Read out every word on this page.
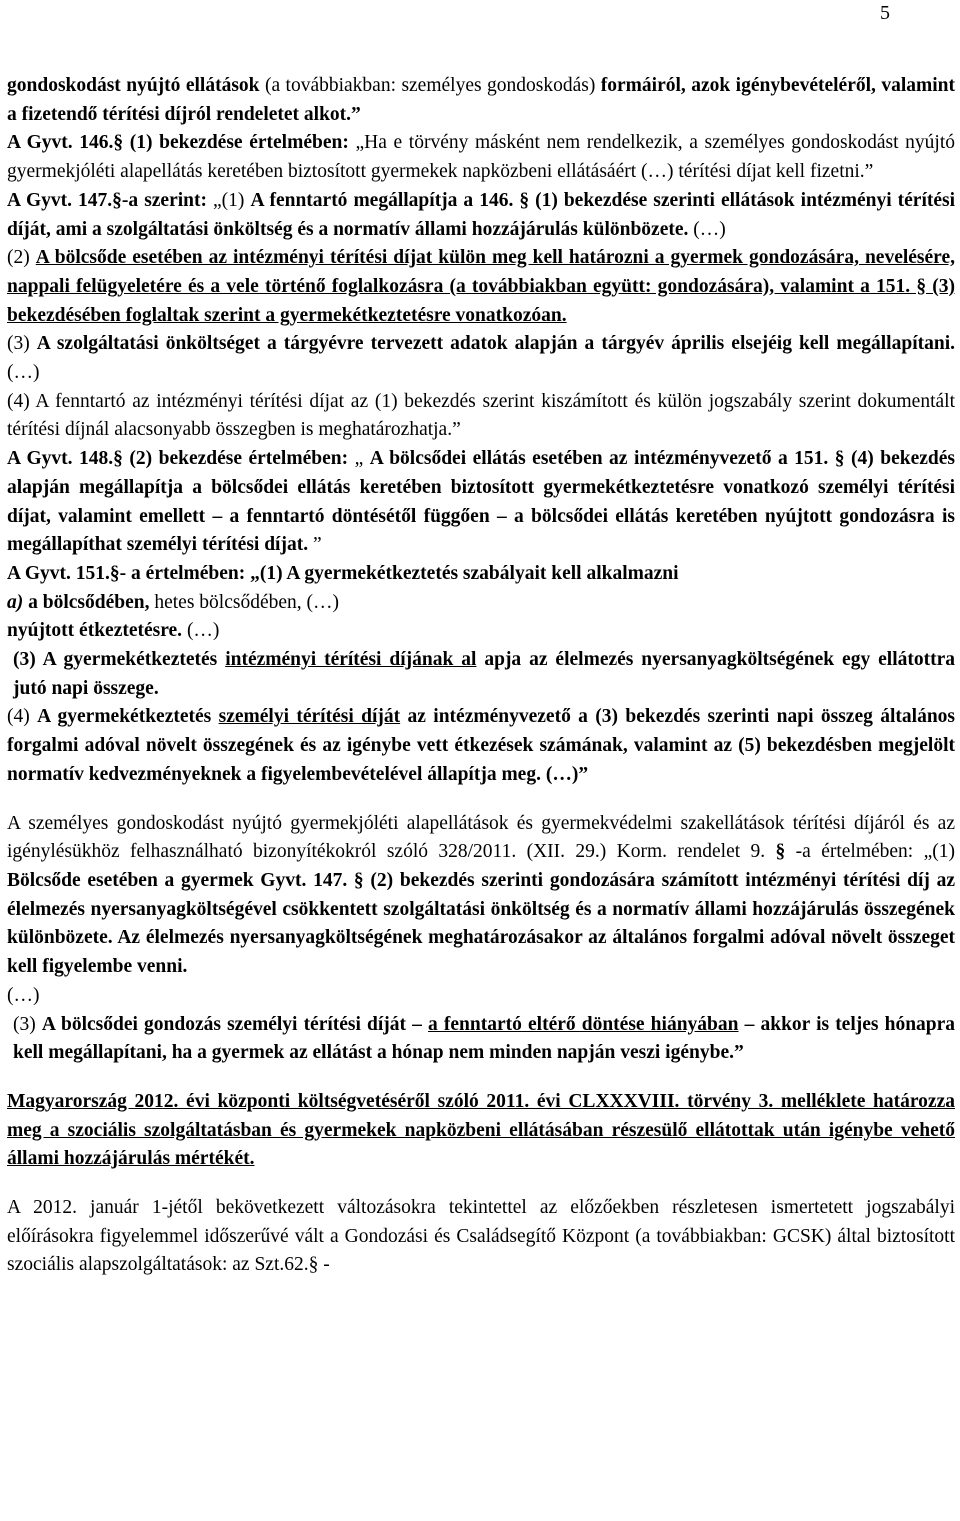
5

gondoskodást nyújtó ellátások (a továbbiakban: személyes gondoskodás) formáiról, azok igénybevételéről, valamint a fizetendő térítési díjról rendeletet alkot.”

A Gyvt. 146.§ (1) bekezdése értelmében: „Ha e törvény másként nem rendelkezik, a személyes gondoskodást nyújtó gyermekjóléti alapellátás keretében biztosított gyermekek napközbeni ellátásáért (…) térítési díjat kell fizetni.”

A Gyvt. 147.§-a szerint: „(1) A fenntartó megállapítja a 146. § (1) bekezdése szerinti ellátások intézményi térítési díját, ami a szolgáltatási önköltség és a normatív állami hozzájárulás különbözete. (…)

(2) A bölcsőde esetében az intézményi térítési díjat külön meg kell határozni a gyermek gondozására, nevelésére, nappali felügyeletére és a vele történő foglalkozásra (a továbbiakban együtt: gondozására), valamint a 151. § (3) bekezdésében foglaltak szerint a gyermekétkeztetésre vonatkozóan.

(3) A szolgáltatási önköltséget a tárgyévre tervezett adatok alapján a tárgyév április elsejéig kell megállapítani. (…)

(4) A fenntartó az intézményi térítési díjat az (1) bekezdés szerint kiszámított és külön jogszabály szerint dokumentált térítési díjnál alacsonyabb összegben is meghatározhatja.”

A Gyvt. 148.§ (2) bekezdése értelmében: „ A bölcsődei ellátás esetében az intézményvezető a 151. § (4) bekezdés alapján megállapítja a bölcsődei ellátás keretében biztosított gyermekétkeztetésre vonatkozó személyi térítési díjat, valamint emellett – a fenntartó döntésétől függően – a bölcsődei ellátás keretében nyújtott gondozásra is megállapíthat személyi térítési díjat. ”

A Gyvt. 151.§- a értelmében: „(1) A gyermekétkeztetés szabályait kell alkalmazni

a) a bölcsődében, hetes bölcsődében, (…)

nyújtott étkeztetésre. (…)

(3) A gyermekétkeztetés intézményi térítési díjának al apja az élelmezés nyersanyagköltségének egy ellátottra jutó napi összege.

(4) A gyermekétkeztetés személyi térítési díját az intézményvezető a (3) bekezdés szerinti napi összeg általános forgalmi adóval növelt összegének és az igénybe vett étkezések számának, valamint az (5) bekezdésben megjelölt normatív kedvezményeknek a figyelembevételével állapítja meg. (…)”

A személyes gondoskodást nyújtó gyermekjóléti alapellátások és gyermekvédelmi szakellátások térítési díjáról és az igénylésükhöz felhasználható bizonyítékokról szóló 328/2011. (XII. 29.) Korm. rendelet 9. § -a értelmében: „(1) Bölcsőde esetében a gyermek Gyvt. 147. § (2) bekezdés szerinti gondozására számított intézményi térítési díj az élelmezés nyersanyagköltségével csökkentett szolgáltatási önköltség és a normatív állami hozzájárulás összegének különbözete. Az élelmezés nyersanyagköltségének meghatározásakor az általános forgalmi adóval növelt összeget kell figyelembe venni.

(…)

(3) A bölcsődei gondozás személyi térítési díját – a fenntartó eltérő döntése hiányában – akkor is teljes hónapra kell megállapítani, ha a gyermek az ellátást a hónap nem minden napján veszi igénybe.”

Magyarország 2012. évi központi költségvetéséről szóló 2011. évi CLXXXVIII. törvény 3. melléklete határozza meg a szociális szolgáltatásban és gyermekek napközbeni ellátásában részesülő ellátottak után igénybe vehető állami hozzájárulás mértékét.

A 2012. január 1-jétől bekövetkezett változásokra tekintettel az előzőekben részletesen ismertetett jogszabályi előírásokra figyelemmel időszerűvé vált a Gondozási és Családsegítő Központ (a továbbiakban: GCSK) által biztosított szociális alapszolgáltatások: az Szt.62.§ -
